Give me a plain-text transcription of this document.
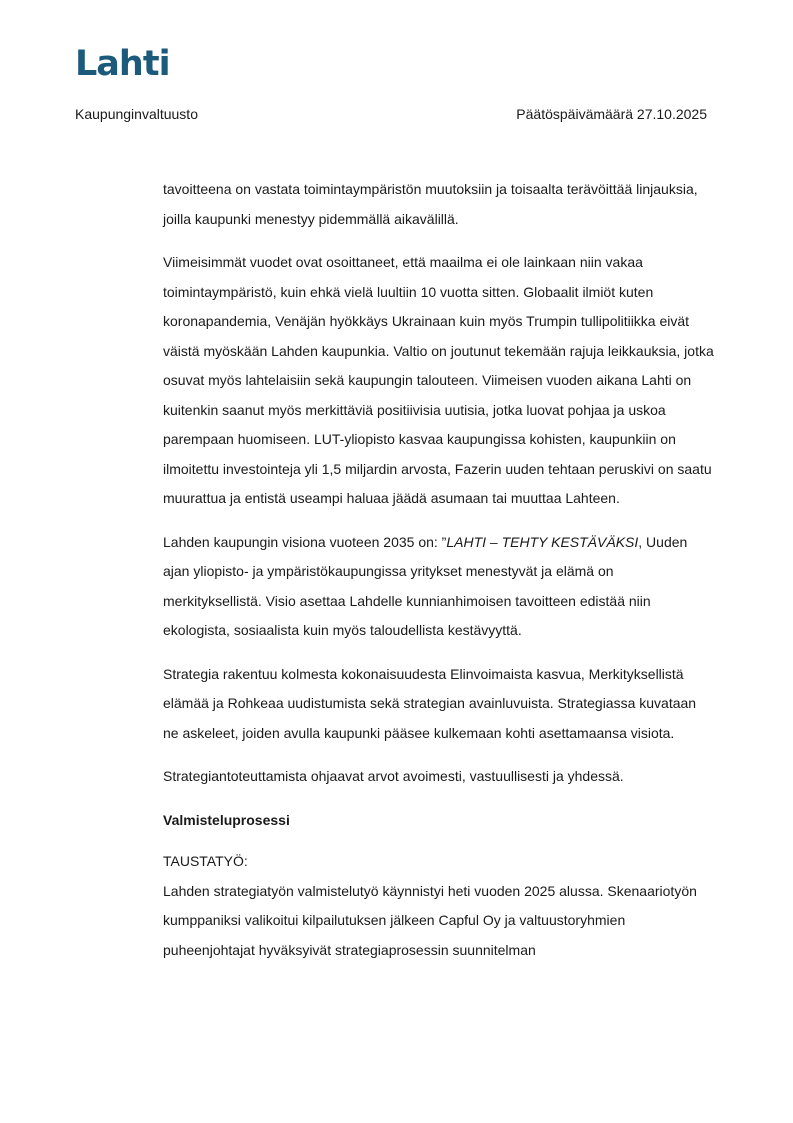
Lahti
Kaupunginvaltuusto	Päätöspäivämäärä 27.10.2025

tavoitteena on vastata toimintaympäristön muutoksiin ja toisaalta terävöittää linjauksia, joilla kaupunki menestyy pidemmällä aikavälillä.

Viimeisimmät vuodet ovat osoittaneet, että maailma ei ole lainkaan niin vakaa toimintaympäristö, kuin ehkä vielä luultiin 10 vuotta sitten. Globaalit ilmiöt kuten koronapandemia, Venäjän hyökkäys Ukrainaan kuin myös Trumpin tullipolitiikka eivät väistä myöskään Lahden kaupunkia. Valtio on joutunut tekemään rajuja leikkauksia, jotka osuvat myös lahtelaisiin sekä kaupungin talouteen. Viimeisen vuoden aikana Lahti on kuitenkin saanut myös merkittäviä positiivisia uutisia, jotka luovat pohjaa ja uskoa parempaan huomiseen. LUT-yliopisto kasvaa kaupungissa kohisten, kaupunkiin on ilmoitettu investointeja yli 1,5 miljardin arvosta, Fazerin uuden tehtaan peruskivi on saatu muurattua ja entistä useampi haluaa jäädä asumaan tai muuttaa Lahteen.

Lahden kaupungin visiona vuoteen 2035 on: ”LAHTI – TEHTY KESTÄVÄKSI, Uuden ajan yliopisto- ja ympäristökaupungissa yritykset menestyvät ja elämä on merkityksellistä. Visio asettaa Lahdelle kunnianhimoisen tavoitteen edistää niin ekologista, sosiaalista kuin myös taloudellista kestävyyttä.

Strategia rakentuu kolmesta kokonaisuudesta Elinvoimaista kasvua, Merkityksellistä elämää ja Rohkeaa uudistumista sekä strategian avainluvuista. Strategiassa kuvataan ne askeleet, joiden avulla kaupunki pääsee kulkemaan kohti asettamaansa visiota.

Strategiantoteuttamista ohjaavat arvot avoimesti, vastuullisesti ja yhdessä.

Valmisteluprosessi

TAUSTATYÖ:

Lahden strategiatyön valmistelutyö käynnistyi heti vuoden 2025 alussa. Skenaariotyön kumppaniksi valikoitui kilpailutuksen jälkeen Capful Oy ja valtuustoryhmien puheenjohtajat hyväksyivät strategiaprosessin suunnitelman
